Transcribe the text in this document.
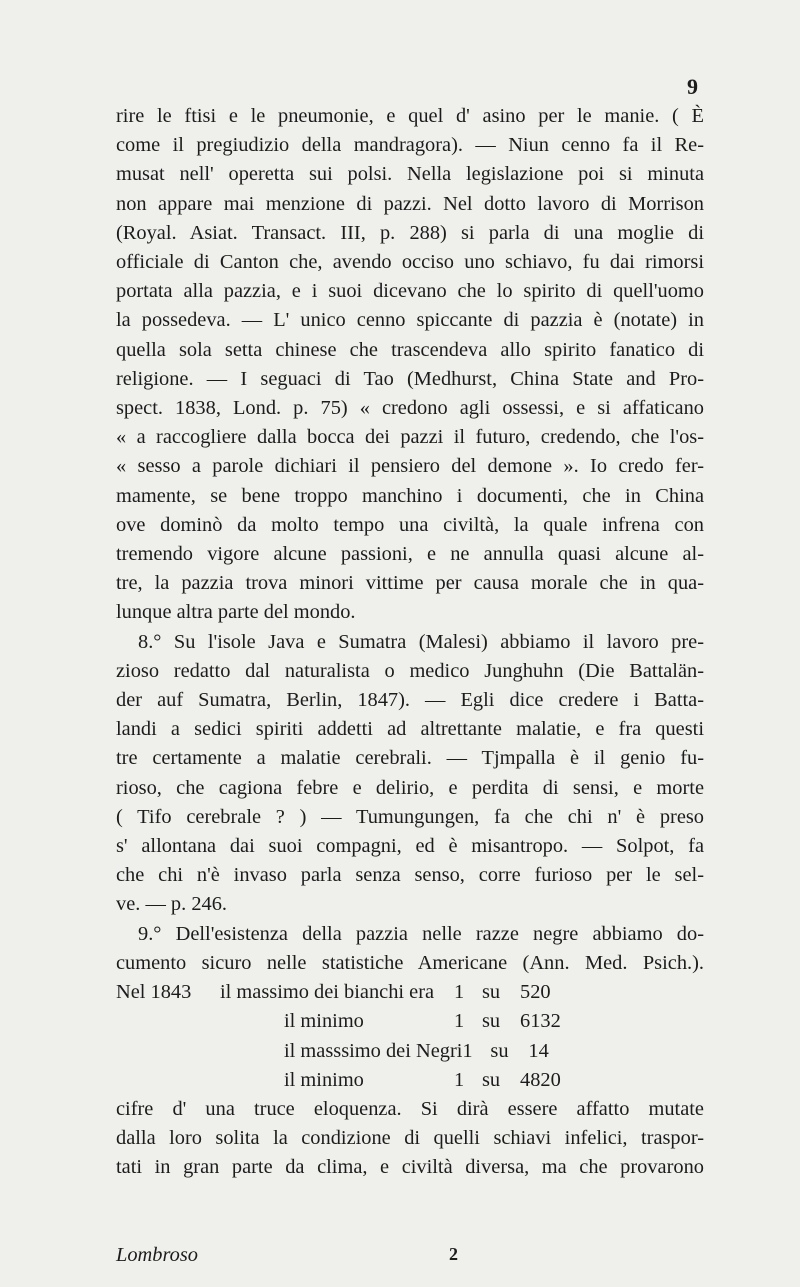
9
rire le ftisi e le pneumonie, e quel d' asino per le manie. ( È
come il pregiudizio della mandragora). — Niun cenno fa il Re-
musat nell' operetta sui polsi. Nella legislazione poi si minuta
non appare mai menzione di pazzi. Nel dotto lavoro di Morrison
(Royal. Asiat. Transact. III, p. 288) si parla di una moglie di
officiale di Canton che, avendo occiso uno schiavo, fu dai rimorsi
portata alla pazzia, e i suoi dicevano che lo spirito di quell'uomo
la possedeva. — L' unico cenno spiccante di pazzia è (notate) in
quella sola setta chinese che trascendeva allo spirito fanatico di
religione. — I seguaci di Tao (Medhurst, China State and Pro-
spect. 1838, Lond. p. 75) « credono agli ossessi, e si affaticano
« a raccogliere dalla bocca dei pazzi il futuro, credendo, che l'os-
« sesso a parole dichiari il pensiero del demone ». Io credo fer-
mamente, se bene troppo manchino i documenti, che in China
ove dominò da molto tempo una civiltà, la quale infrena con
tremendo vigore alcune passioni, e ne annulla quasi alcune al-
tre, la pazzia trova minori vittime per causa morale che in qua-
lunque altra parte del mondo.
8.° Su l'isole Java e Sumatra (Malesi) abbiamo il lavoro pre-
zioso redatto dal naturalista o medico Junghuhn (Die Battalän-
der auf Sumatra, Berlin, 1847). — Egli dice credere i Batta-
landi a sedici spiriti addetti ad altrettante malatie, e fra questi
tre certamente a malatie cerebrali. — Tjmpalla è il genio fu-
rioso, che cagiona febre e delirio, e perdita di sensi, e morte
( Tifo cerebrale ? ) — Tumungungen, fa che chi n' è preso
s' allontana dai suoi compagni, ed è misantropo. — Solpot, fa
che chi n'è invaso parla senza senso, corre furioso per le sel-
ve. — p. 246.
9.° Dell'esistenza della pazzia nelle razze negre abbiamo do-
cumento sicuro nelle statistiche Americane (Ann. Med. Psich.).
Nel 1843	il massimo dei bianchi era 1 su 520
il minimo	1 su 6132
il masssimo dei Negri 1 su 14
il minimo	1 su 4820
cifre d' una truce eloquenza. Si dirà essere affatto mutate
dalla loro solita la condizione di quelli schiavi infelici, traspor-
tati in gran parte da clima, e civiltà diversa, ma che provarono
Lombroso	2
